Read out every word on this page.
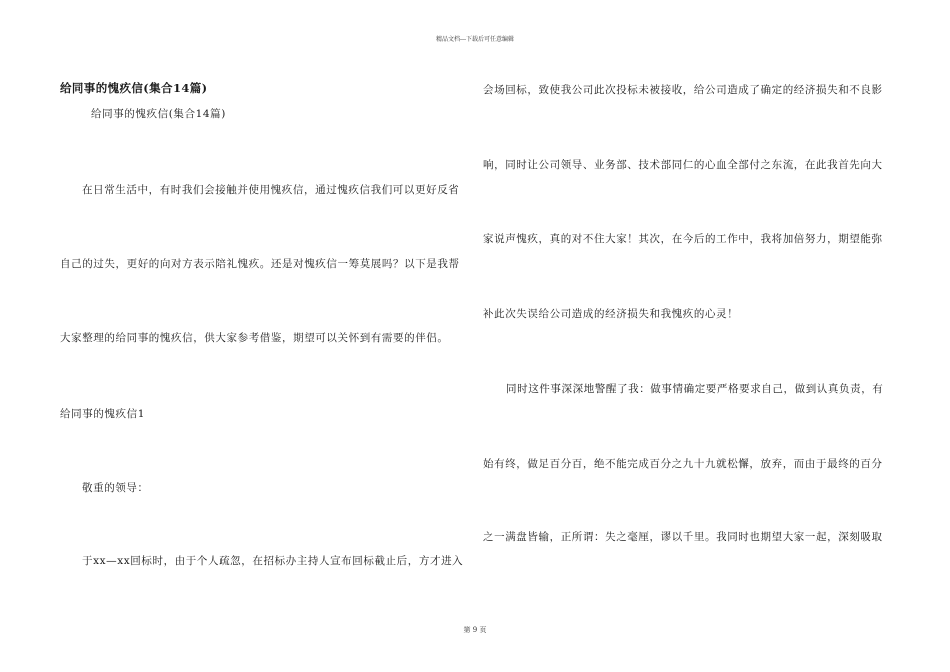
精品文档---下载后可任意编辑
给同事的愧疚信(集合14篇)
给同事的愧疚信(集合14篇)
在日常生活中，有时我们会接触并使用愧疚信，通过愧疚信我们可以更好反省
自己的过失，更好的向对方表示陪礼愧疚。还是对愧疚信一筹莫展吗？以下是我帮
大家整理的给同事的愧疚信，供大家参考借鉴，期望可以关怀到有需要的伴侣。
给同事的愧疚信1
敬重的领导：
于xx—xx回标时，由于个人疏忽，在招标办主持人宣布回标截止后，方才进入
会场回标，致使我公司此次投标未被接收，给公司造成了确定的经济损失和不良影
响，同时让公司领导、业务部、技术部同仁的心血全部付之东流，在此我首先向大
家说声愧疚，真的对不住大家！其次，在今后的工作中，我将加倍努力，期望能弥
补此次失误给公司造成的经济损失和我愧疚的心灵！
同时这件事深深地警醒了我：做事情确定要严格要求自己，做到认真负责，有
始有终，做足百分百，绝不能完成百分之九十九就松懈，放弃，而由于最终的百分
之一满盘皆输，正所谓：失之毫厘，谬以千里。我同时也期望大家一起，深刻吸取
第 9 页
